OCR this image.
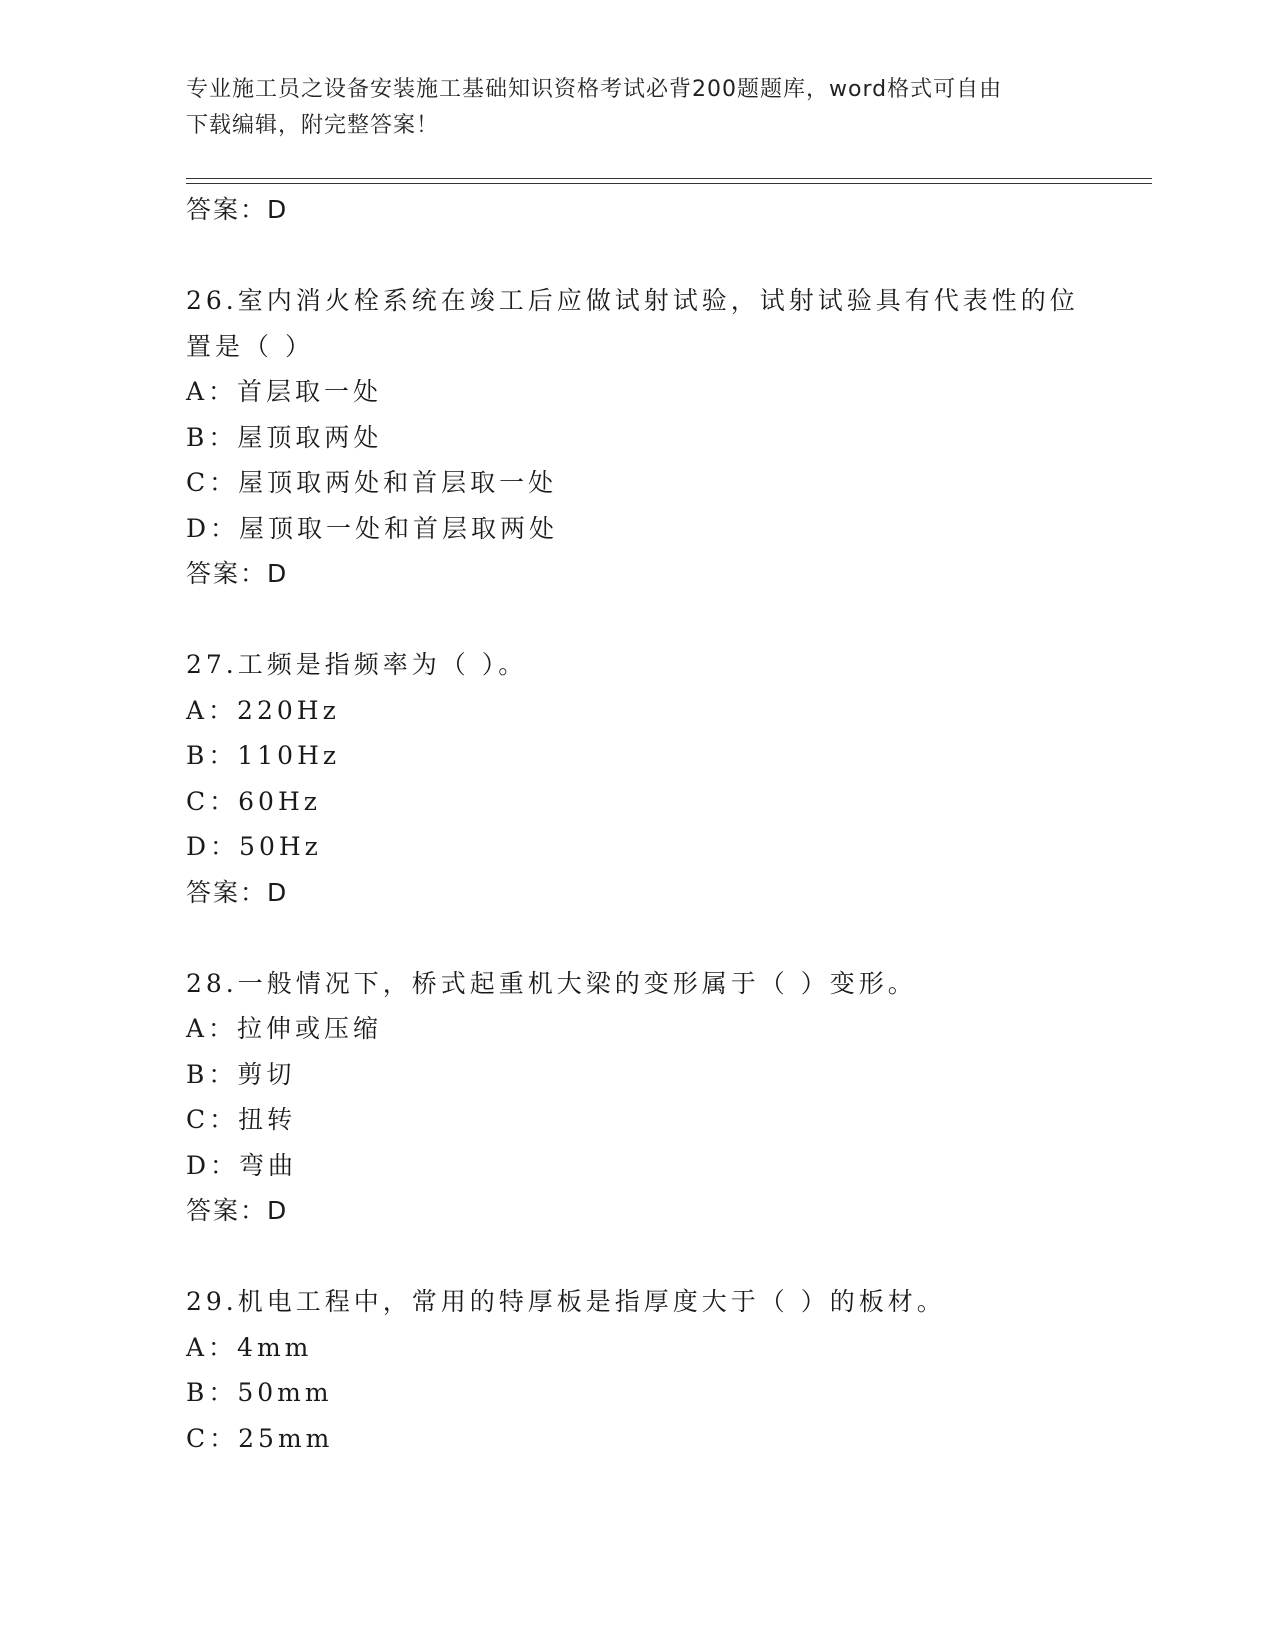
专业施工员之设备安装施工基础知识资格考试必背200题题库，word格式可自由
下载编辑，附完整答案！
答案：D
26.室内消火栓系统在竣工后应做试射试验，试射试验具有代表性的位
置是（ ）
A：首层取一处
B：屋顶取两处
C：屋顶取两处和首层取一处
D：屋顶取一处和首层取两处
答案：D
27.工频是指频率为（ ）。
A：220Hz
B：110Hz
C：60Hz
D：50Hz
答案：D
28.一般情况下，桥式起重机大梁的变形属于（ ）变形。
A：拉伸或压缩
B：剪切
C：扭转
D：弯曲
答案：D
29.机电工程中，常用的特厚板是指厚度大于（ ）的板材。
A：4mm
B：50mm
C：25mm
